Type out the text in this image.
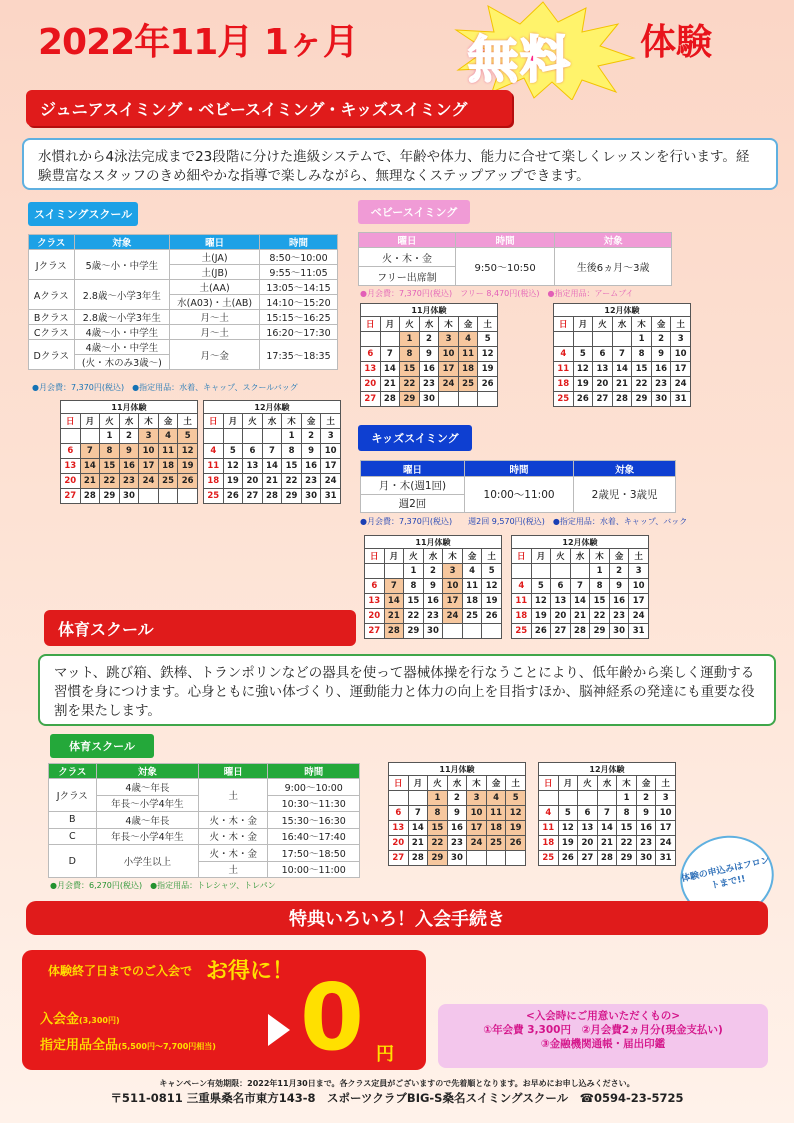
2022年11月 1ヶ月 無料 体験
ジュニアスイミング・ベビースイミング・キッズスイミング
水慣れから4泳法完成まで23段階に分けた進級システムで、年齢や体力、能力に合せて楽しくレッスンを行います。経験豊富なスタッフのきめ細やかな指導で楽しみながら、無理なくステップアップできます。
スイミングスクール
クラス	対象	曜日	時間
Jクラス	5歳～小・中学生	土(JA)	8:50～10:00
		土(JB)	9:55～11:05
Aクラス	2.8歳～小学3年生	土(AA)	13:05～14:15
		水(A03)・土(AB)	14:10～15:20
Bクラス	2.8歳～小学3年生	月～土	15:15～16:25
Cクラス	4歳～小・中学生	月～土	16:20～17:30
Dクラス	4歳～小・中学生	月～金	17:35～18:35
	(火・木のみ3歳～)		
●月会費：7,370円(税込)　●指定用品：水着、キャップ、スクールバッグ
ベビースイミング
曜日	時間	対象
火・木・金	9:50～10:50	生後6ヵ月～3歳
フリー出席制		
●月会費：7,370円(税込)　フリー 8,470円(税込)　●指定用品：アームブイ
キッズスイミング
曜日	時間	対象
月・木(週1回)	10:00～11:00	2歳児・3歳児
週2回		
●月会費：7,370円(税込)　　週2回 9,570円(税込)　●指定用品：水着、キャップ、バック
体育スクール
マット、跳び箱、鉄棒、トランポリンなどの器具を使って器械体操を行なうことにより、低年齢から楽しく運動する習慣を身につけます。心身ともに強い体づくり、運動能力と体力の向上を目指すほか、脳神経系の発達にも重要な役割を果たします。
体育スクール
クラス	対象	曜日	時間
Jクラス	4歳～年長	土	9:00～10:00
	年長～小学4年生		10:30～11:30
B	4歳～年長	火・木・金	15:30～16:30
C	年長～小学4年生	火・木・金	16:40～17:40
D	小学生以上	火・木・金	17:50～18:50
		土	10:00～11:00
●月会費：6,270円(税込)　●指定用品：トレシャツ、トレパン
11月体験						
日	月	火	水	木	金	土
		1	2	3	4	5
6	7	8	9	10	11	12
13	14	15	16	17	18	19
20	21	22	23	24	25	26
27	28	29	30			
12月体験						
日	月	火	水	木	金	土
				1	2	3
4	5	6	7	8	9	10
11	12	13	14	15	16	17
18	19	20	21	22	23	24
25	26	27	28	29	30	31
11月体験						
日	月	火	水	木	金	土
		1	2	3	4	5
6	7	8	9	10	11	12
13	14	15	16	17	18	19
20	21	22	23	24	25	26
27	28	29	30			
12月体験						
日	月	火	水	木	金	土
				1	2	3
4	5	6	7	8	9	10
11	12	13	14	15	16	17
18	19	20	21	22	23	24
25	26	27	28	29	30	31
11月体験						
日	月	火	水	木	金	土
		1	2	3	4	5
6	7	8	9	10	11	12
13	14	15	16	17	18	19
20	21	22	23	24	25	26
27	28	29	30			
12月体験						
日	月	火	水	木	金	土
				1	2	3
4	5	6	7	8	9	10
11	12	13	14	15	16	17
18	19	20	21	22	23	24
25	26	27	28	29	30	31
11月体験						
日	月	火	水	木	金	土
		1	2	3	4	5
6	7	8	9	10	11	12
13	14	15	16	17	18	19
20	21	22	23	24	25	26
27	28	29	30			
12月体験						
日	月	火	水	木	金	土
				1	2	3
4	5	6	7	8	9	10
11	12	13	14	15	16	17
18	19	20	21	22	23	24
25	26	27	28	29	30	31 体験の申込みはフロントまで!!
特典いろいろ！入会手続き
体験終了日までのご入会で お得に！
入会金(3,300円)
指定用品全品(5,500円～7,700円相当) 0 円
<入会時にご用意いただくもの>
①年会費 3,300円　②月会費2ヵ月分(現金支払い)
③金融機関通帳・届出印鑑
キャンペーン有効期限：2022年11月30日まで。各クラス定員がございますので先着順となります。お早めにお申し込みください。
〒511-0811 三重県桑名市東方143-8　スポーツクラブBIG-S桑名スイミングスクール　☎0594-23-5725
